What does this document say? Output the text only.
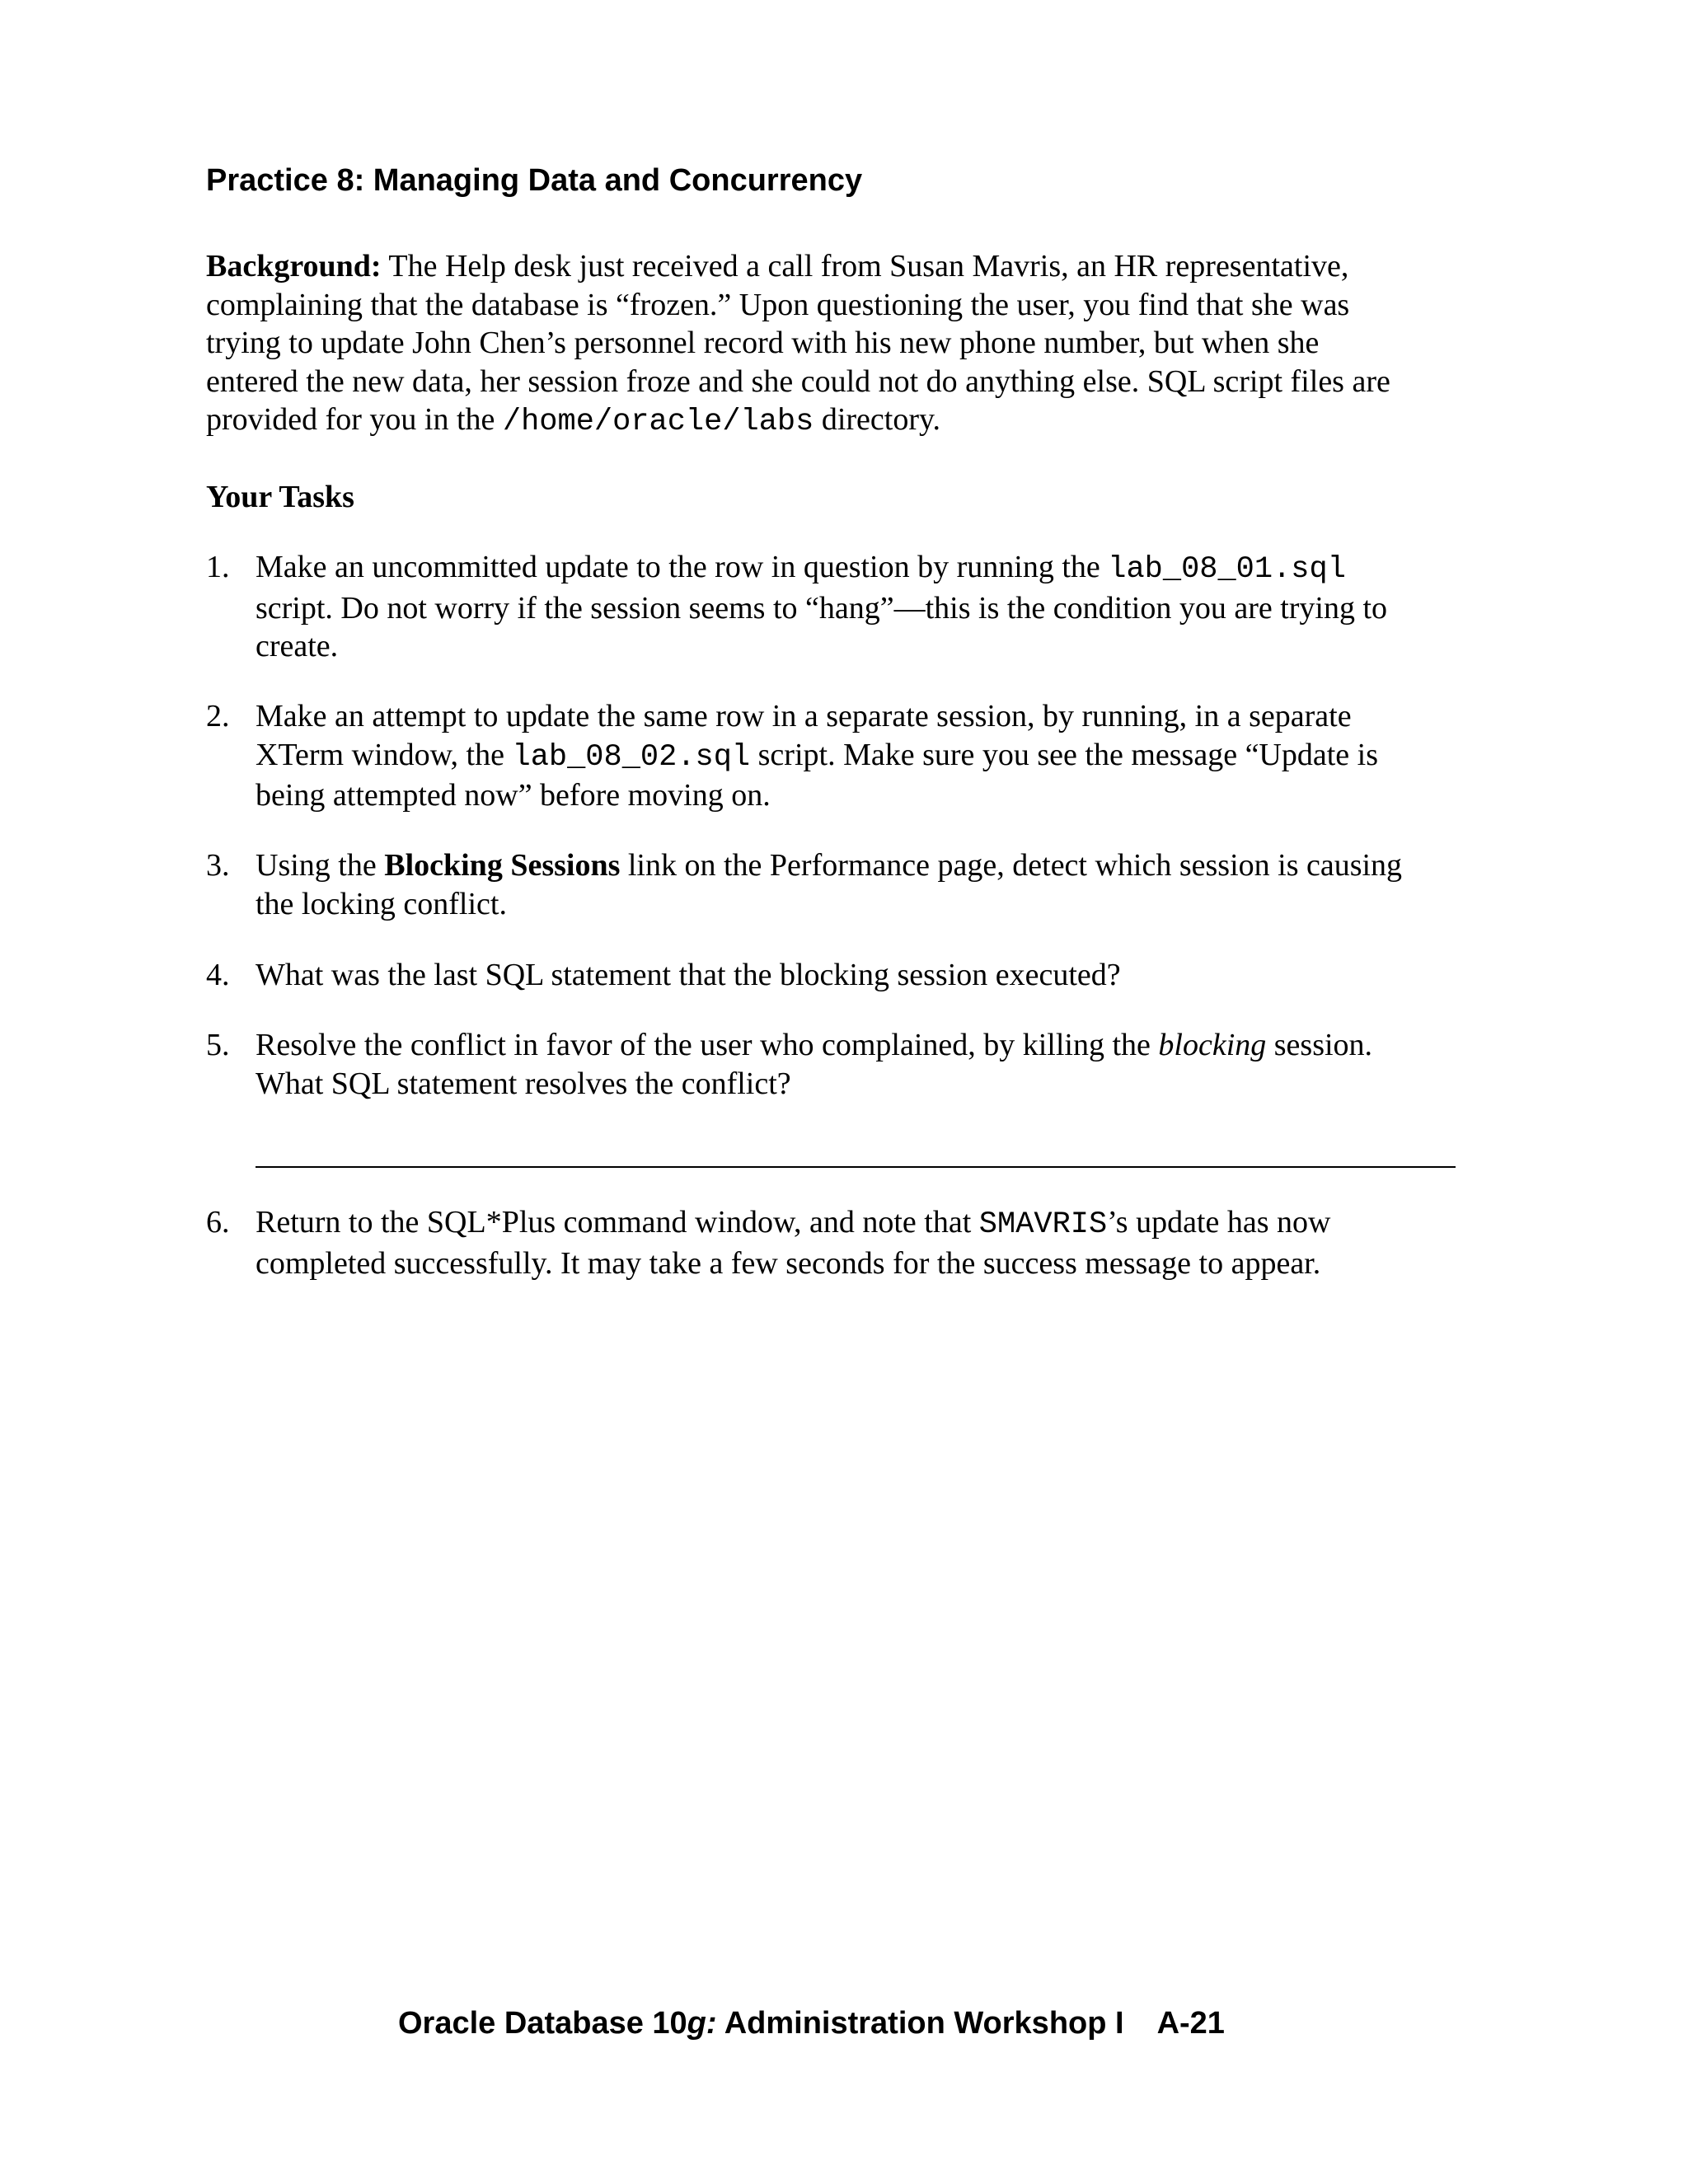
Practice 8: Managing Data and Concurrency
Background: The Help desk just received a call from Susan Mavris, an HR representative,
complaining that the database is “frozen.” Upon questioning the user, you find that she was
trying to update John Chen’s personnel record with his new phone number, but when she
entered the new data, her session froze and she could not do anything else. SQL script files are
provided for you in the /home/oracle/labs directory.
Your Tasks
1. Make an uncommitted update to the row in question by running the lab_08_01.sql
script. Do not worry if the session seems to “hang”—this is the condition you are trying to
create.
2. Make an attempt to update the same row in a separate session, by running, in a separate
XTerm window, the lab_08_02.sql script. Make sure you see the message “Update is
being attempted now” before moving on.
3. Using the Blocking Sessions link on the Performance page, detect which session is causing
the locking conflict.
4. What was the last SQL statement that the blocking session executed?
5. Resolve the conflict in favor of the user who complained, by killing the blocking session.
What SQL statement resolves the conflict?
6. Return to the SQL*Plus command window, and note that SMAVRIS’s update has now
completed successfully. It may take a few seconds for the success message to appear.

Oracle Database 10g: Administration Workshop I A-21
